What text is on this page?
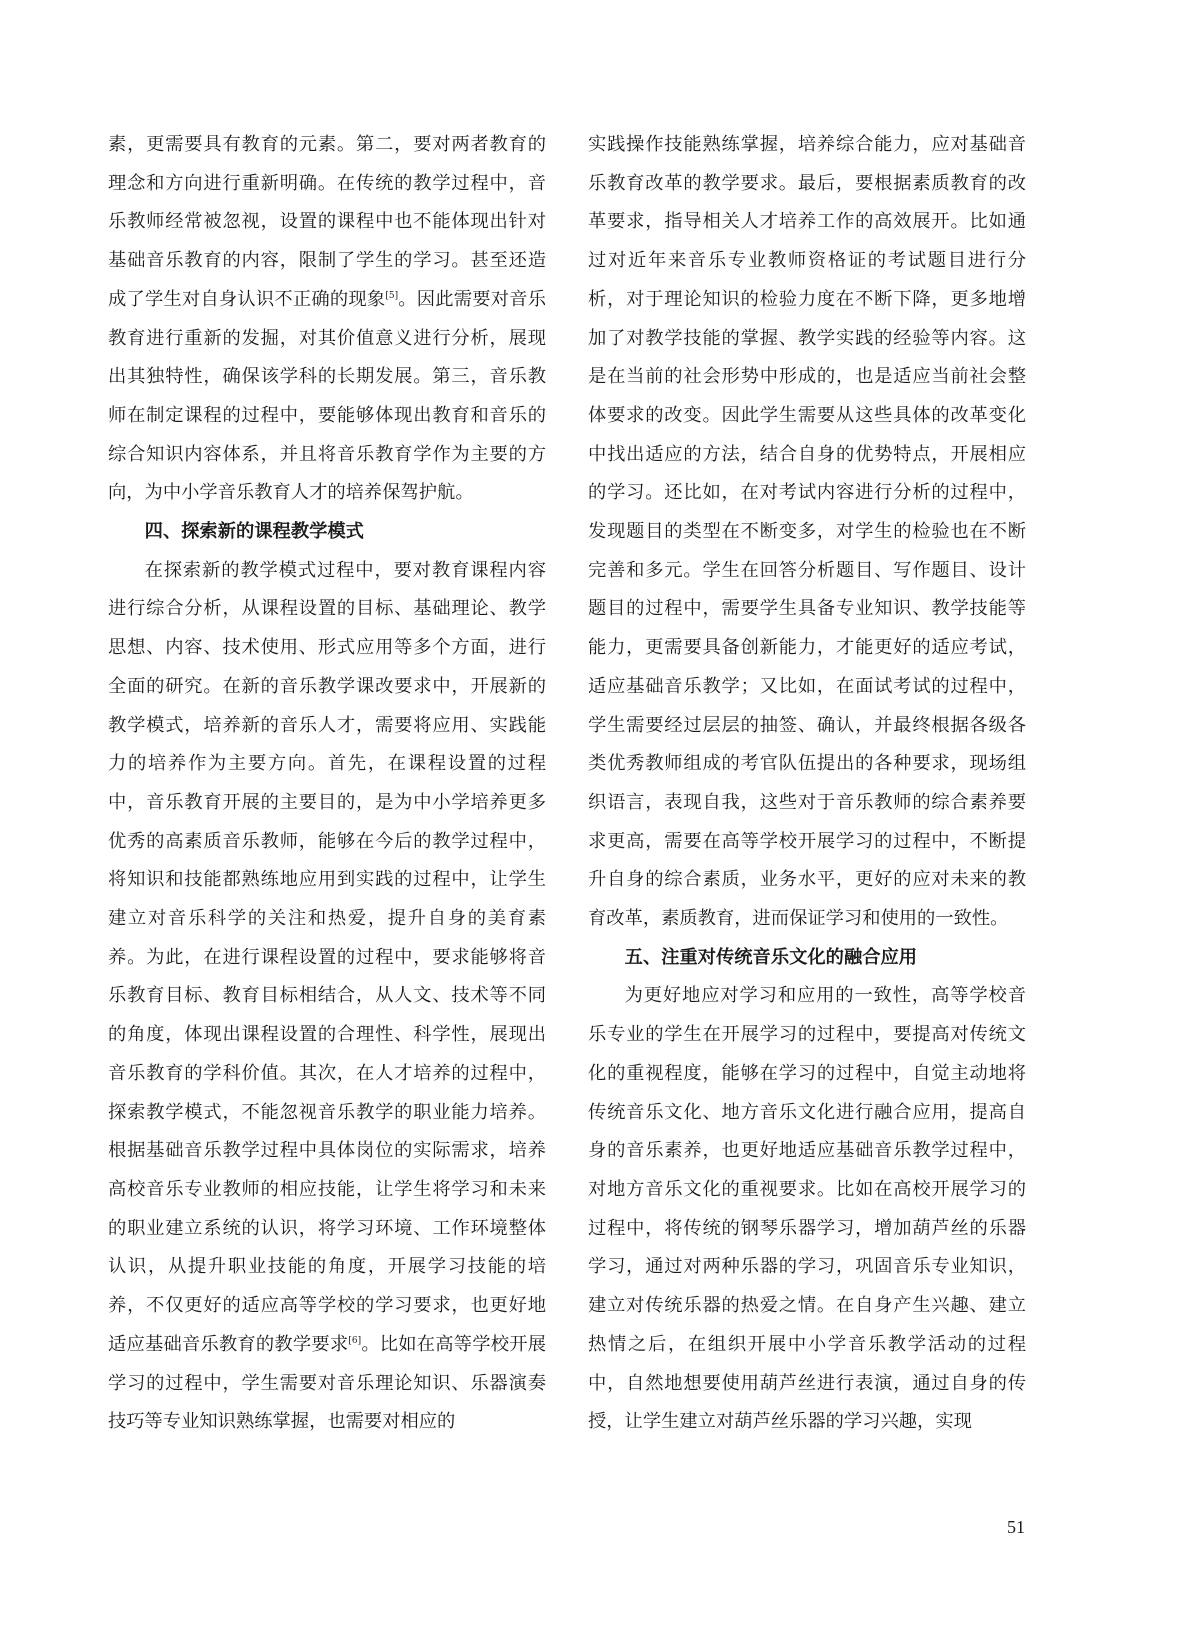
素，更需要具有教育的元素。第二，要对两者教育的理念和方向进行重新明确。在传统的教学过程中，音乐教师经常被忽视，设置的课程中也不能体现出针对基础音乐教育的内容，限制了学生的学习。甚至还造成了学生对自身认识不正确的现象[5]。因此需要对音乐教育进行重新的发掘，对其价值意义进行分析，展现出其独特性，确保该学科的长期发展。第三，音乐教师在制定课程的过程中，要能够体现出教育和音乐的综合知识内容体系，并且将音乐教育学作为主要的方向，为中小学音乐教育人才的培养保驾护航。

四、探索新的课程教学模式

在探索新的教学模式过程中，要对教育课程内容进行综合分析，从课程设置的目标、基础理论、教学思想、内容、技术使用、形式应用等多个方面，进行全面的研究。在新的音乐教学课改要求中，开展新的教学模式，培养新的音乐人才，需要将应用、实践能力的培养作为主要方向。首先，在课程设置的过程中，音乐教育开展的主要目的，是为中小学培养更多优秀的高素质音乐教师，能够在今后的教学过程中，将知识和技能都熟练地应用到实践的过程中，让学生建立对音乐科学的关注和热爱，提升自身的美育素养。为此，在进行课程设置的过程中，要求能够将音乐教育目标、教育目标相结合，从人文、技术等不同的角度，体现出课程设置的合理性、科学性，展现出音乐教育的学科价值。其次，在人才培养的过程中，探索教学模式，不能忽视音乐教学的职业能力培养。根据基础音乐教学过程中具体岗位的实际需求，培养高校音乐专业教师的相应技能，让学生将学习和未来的职业建立系统的认识，将学习环境、工作环境整体认识，从提升职业技能的角度，开展学习技能的培养，不仅更好的适应高等学校的学习要求，也更好地适应基础音乐教育的教学要求[6]。比如在高等学校开展学习的过程中，学生需要对音乐理论知识、乐器演奏技巧等专业知识熟练掌握，也需要对相应的

实践操作技能熟练掌握，培养综合能力，应对基础音乐教育改革的教学要求。最后，要根据素质教育的改革要求，指导相关人才培养工作的高效展开。比如通过对近年来音乐专业教师资格证的考试题目进行分析，对于理论知识的检验力度在不断下降，更多地增加了对教学技能的掌握、教学实践的经验等内容。这是在当前的社会形势中形成的，也是适应当前社会整体要求的改变。因此学生需要从这些具体的改革变化中找出适应的方法，结合自身的优势特点，开展相应的学习。还比如，在对考试内容进行分析的过程中，发现题目的类型在不断变多，对学生的检验也在不断完善和多元。学生在回答分析题目、写作题目、设计题目的过程中，需要学生具备专业知识、教学技能等能力，更需要具备创新能力，才能更好的适应考试，适应基础音乐教学；又比如，在面试考试的过程中，学生需要经过层层的抽签、确认，并最终根据各级各类优秀教师组成的考官队伍提出的各种要求，现场组织语言，表现自我，这些对于音乐教师的综合素养要求更高，需要在高等学校开展学习的过程中，不断提升自身的综合素质，业务水平，更好的应对未来的教育改革，素质教育，进而保证学习和使用的一致性。

五、注重对传统音乐文化的融合应用

为更好地应对学习和应用的一致性，高等学校音乐专业的学生在开展学习的过程中，要提高对传统文化的重视程度，能够在学习的过程中，自觉主动地将传统音乐文化、地方音乐文化进行融合应用，提高自身的音乐素养，也更好地适应基础音乐教学过程中，对地方音乐文化的重视要求。比如在高校开展学习的过程中，将传统的钢琴乐器学习，增加葫芦丝的乐器学习，通过对两种乐器的学习，巩固音乐专业知识，建立对传统乐器的热爱之情。在自身产生兴趣、建立热情之后，在组织开展中小学音乐教学活动的过程中，自然地想要使用葫芦丝进行表演，通过自身的传授，让学生建立对葫芦丝乐器的学习兴趣，实现

51
